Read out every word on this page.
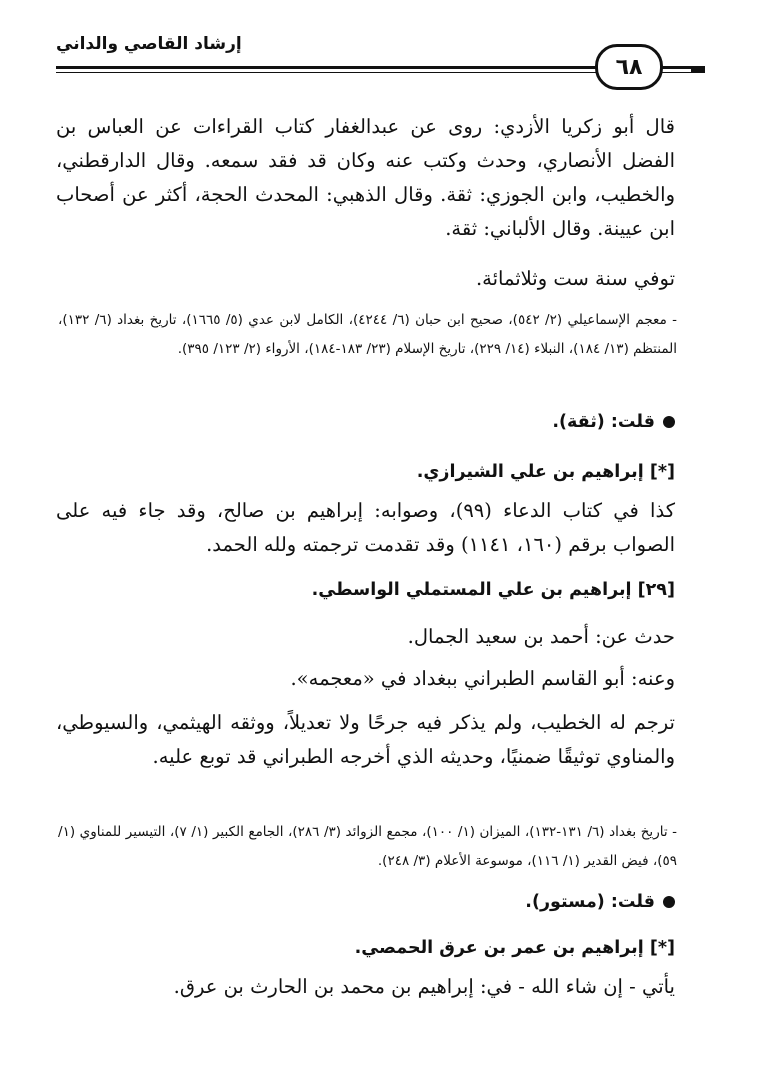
إرشاد القاصي والداني
٦٨
قال أبو زكريا الأزدي: روى عن عبدالغفار كتاب القراءات عن العباس بن الفضل الأنصاري، وحدث وكتب عنه وكان قد فقد سمعه. وقال الدارقطني، والخطيب، وابن الجوزي: ثقة. وقال الذهبي: المحدث الحجة، أكثر عن أصحاب ابن عيينة. وقال الألباني: ثقة.
توفي سنة ست وثلاثمائة.
- معجم الإسماعيلي (٢/ ٥٤٢)، صحيح ابن حبان (٦/ ٤٢٤٤)، الكامل لابن عدي (٥/ ١٦٦٥)، تاريخ بغداد (٦/ ١٣٢)، المنتظم (١٣/ ١٨٤)، النبلاء (١٤/ ٢٢٩)، تاريخ الإسلام (٢٣/ ١٨٣-١٨٤)، الأرواء (٢/ ١٢٣/ ٣٩٥).
قلت: (ثقة).
[*] إبراهيم بن علي الشيرازي.
كذا في كتاب الدعاء (٩٩)، وصوابه: إبراهيم بن صالح، وقد جاء فيه على الصواب برقم (١٦٠، ١١٤١) وقد تقدمت ترجمته ولله الحمد.
[٢٩] إبراهيم بن علي المستملي الواسطي.
حدث عن: أحمد بن سعيد الجمال.
وعنه: أبو القاسم الطبراني ببغداد في «معجمه».
ترجم له الخطيب، ولم يذكر فيه جرحًا ولا تعديلاً، ووثقه الهيثمي، والسيوطي، والمناوي توثيقًا ضمنيًا، وحديثه الذي أخرجه الطبراني قد توبع عليه.
- تاريخ بغداد (٦/ ١٣١-١٣٢)، الميزان (١/ ١٠٠)، مجمع الزوائد (٣/ ٢٨٦)، الجامع الكبير (١/ ٧)، التيسير للمناوي (١/ ٥٩)، فيض القدير (١/ ١١٦)، موسوعة الأعلام (٣/ ٢٤٨).
قلت: (مستور).
[*] إبراهيم بن عمر بن عرق الحمصي.
يأتي - إن شاء الله - في: إبراهيم بن محمد بن الحارث بن عرق.
